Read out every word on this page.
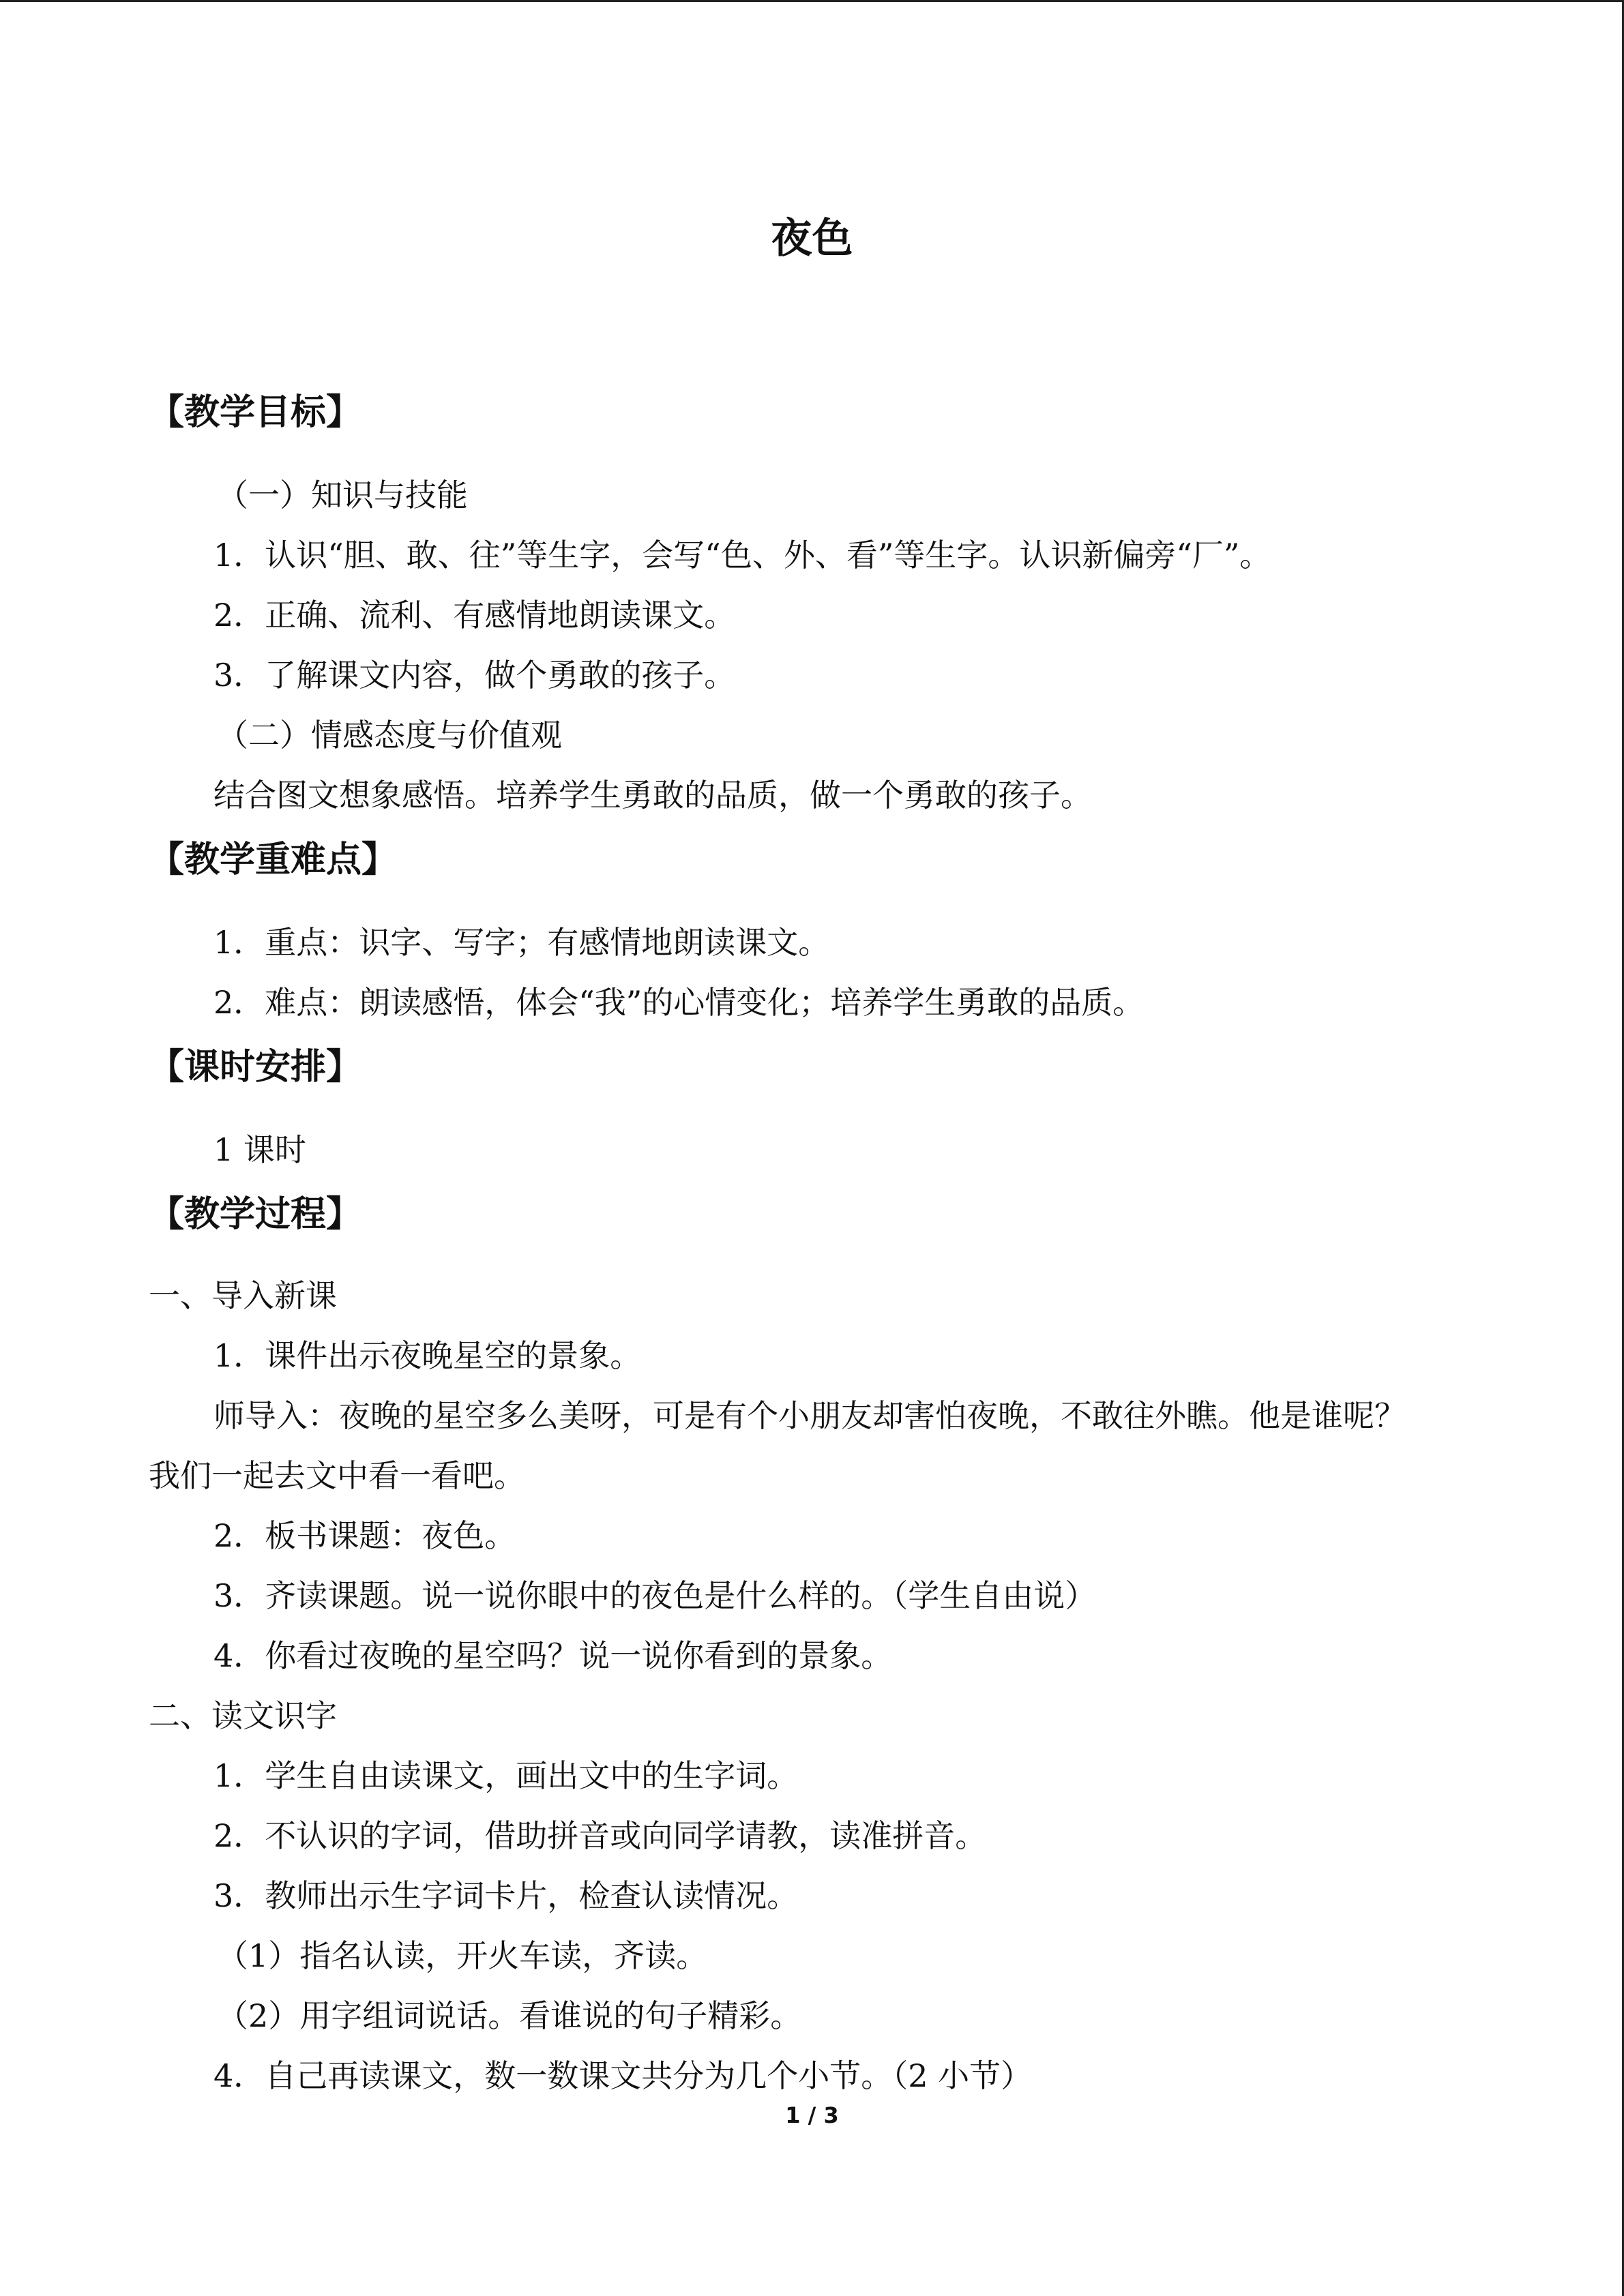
夜色
【教学目标】

（一）知识与技能

1．认识“胆、敢、往”等生字，会写“色、外、看”等生字。认识新偏旁“厂”。

2．正确、流利、有感情地朗读课文。

3．了解课文内容，做个勇敢的孩子。

（二）情感态度与价值观

结合图文想象感悟。培养学生勇敢的品质，做一个勇敢的孩子。

【教学重难点】

1．重点：识字、写字；有感情地朗读课文。

2．难点：朗读感悟，体会“我”的心情变化；培养学生勇敢的品质。

【课时安排】

1 课时

【教学过程】

一、导入新课

1．课件出示夜晚星空的景象。

师导入：夜晚的星空多么美呀，可是有个小朋友却害怕夜晚，不敢往外瞧。他是谁呢？

我们一起去文中看一看吧。

2．板书课题：夜色。

3．齐读课题。说一说你眼中的夜色是什么样的。（学生自由说）

4．你看过夜晚的星空吗？说一说你看到的景象。

二、读文识字

1．学生自由读课文，画出文中的生字词。

2．不认识的字词，借助拼音或向同学请教，读准拼音。

3．教师出示生字词卡片，检查认读情况。

（1）指名认读，开火车读，齐读。

（2）用字组词说话。看谁说的句子精彩。

4．自己再读课文，数一数课文共分为几个小节。（2 小节）

1 / 3
